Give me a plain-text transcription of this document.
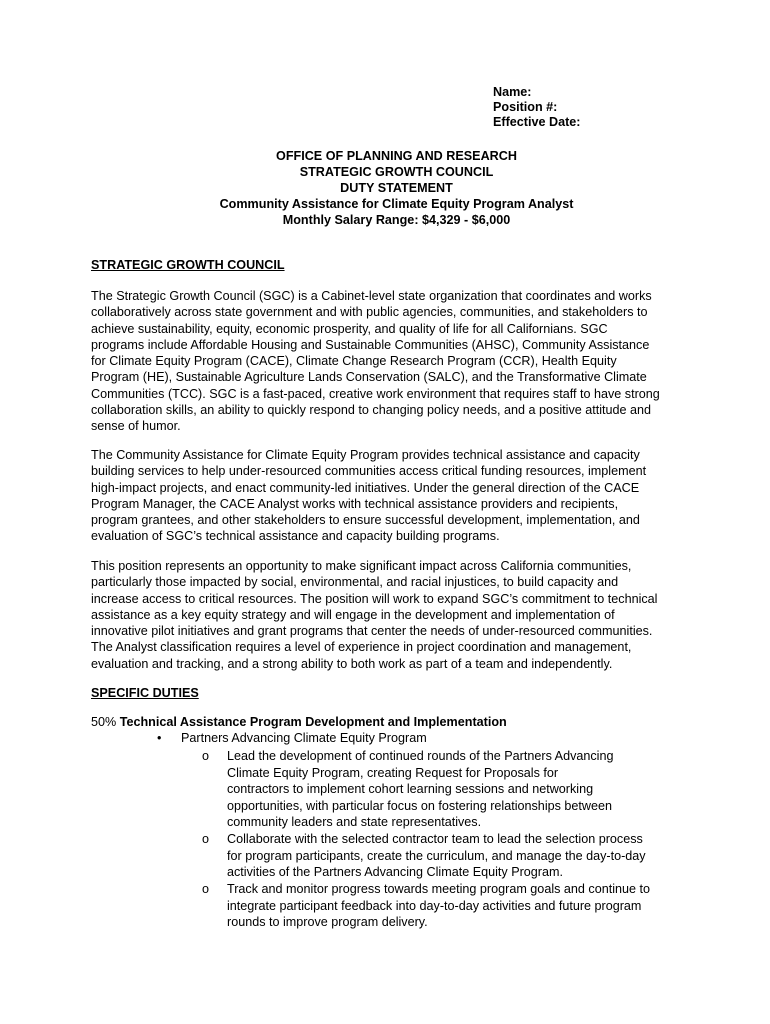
Name:
Position #:
Effective Date:
OFFICE OF PLANNING AND RESEARCH
STRATEGIC GROWTH COUNCIL
DUTY STATEMENT
Community Assistance for Climate Equity Program Analyst
Monthly Salary Range: $4,329 - $6,000
STRATEGIC GROWTH COUNCIL
The Strategic Growth Council (SGC) is a Cabinet-level state organization that coordinates and works
collaboratively across state government and with public agencies, communities, and stakeholders to
achieve sustainability, equity, economic prosperity, and quality of life for all Californians. SGC
programs include Affordable Housing and Sustainable Communities (AHSC), Community Assistance
for Climate Equity Program (CACE), Climate Change Research Program (CCR), Health Equity
Program (HE), Sustainable Agriculture Lands Conservation (SALC), and the Transformative Climate
Communities (TCC). SGC is a fast-paced, creative work environment that requires staff to have strong
collaboration skills, an ability to quickly respond to changing policy needs, and a positive attitude and
sense of humor.
The Community Assistance for Climate Equity Program provides technical assistance and capacity
building services to help under-resourced communities access critical funding resources, implement
high-impact projects, and enact community-led initiatives. Under the general direction of the CACE
Program Manager, the CACE Analyst works with technical assistance providers and recipients,
program grantees, and other stakeholders to ensure successful development, implementation, and
evaluation of SGC’s technical assistance and capacity building programs.
This position represents an opportunity to make significant impact across California communities,
particularly those impacted by social, environmental, and racial injustices, to build capacity and
increase access to critical resources. The position will work to expand SGC’s commitment to technical
assistance as a key equity strategy and will engage in the development and implementation of
innovative pilot initiatives and grant programs that center the needs of under-resourced communities.
The Analyst classification requires a level of experience in project coordination and management,
evaluation and tracking, and a strong ability to both work as part of a team and independently.
SPECIFIC DUTIES
50% Technical Assistance Program Development and Implementation
• Partners Advancing Climate Equity Program
o Lead the development of continued rounds of the Partners Advancing
Climate Equity Program, creating Request for Proposals for
contractors to implement cohort learning sessions and networking
opportunities, with particular focus on fostering relationships between
community leaders and state representatives.
o Collaborate with the selected contractor team to lead the selection process
for program participants, create the curriculum, and manage the day-to-day
activities of the Partners Advancing Climate Equity Program.
o Track and monitor progress towards meeting program goals and continue to
integrate participant feedback into day-to-day activities and future program
rounds to improve program delivery.
